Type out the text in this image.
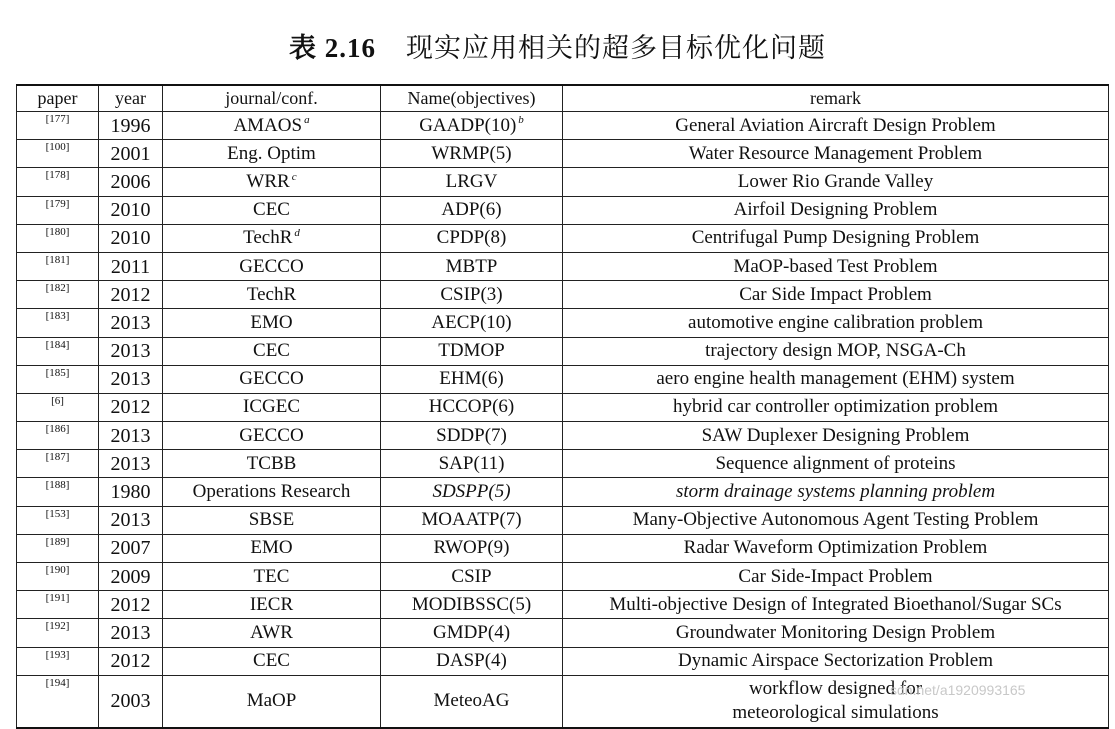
表 2.16 现实应用相关的超多目标优化问题
paper	year	journal/conf.	Name(objectives)	remark
[177]	1996	AMAOS $^a$	GAADP(10) $^b$	General Aviation Aircraft Design Problem
[100]	2001	Eng. Optim	WRMP(5)	Water Resource Management Problem
[178]	2006	WRR $^c$	LRGV	Lower Rio Grande Valley
[179]	2010	CEC	ADP(6)	Airfoil Designing Problem
[180]	2010	TechR $^d$	CPDP(8)	Centrifugal Pump Designing Problem
[181]	2011	GECCO	MBTP	MaOP-based Test Problem
[182]	2012	TechR	CSIP(3)	Car Side Impact Problem
[183]	2013	EMO	AECP(10)	automotive engine calibration problem
[184]	2013	CEC	TDMOP	trajectory design MOP, NSGA-Ch
[185]	2013	GECCO	EHM(6)	aero engine health management (EHM) system
[6]	2012	ICGEC	HCCOP(6)	hybrid car controller optimization problem
[186]	2013	GECCO	SDDP(7)	SAW Duplexer Designing Problem
[187]	2013	TCBB	SAP(11)	Sequence alignment of proteins
[188]	1980	Operations Research	SDSPP(5)	storm drainage systems planning problem
[153]	2013	SBSE	MOAATP(7)	Many-Objective Autonomous Agent Testing Problem
[189]	2007	EMO	RWOP(9)	Radar Waveform Optimization Problem
[190]	2009	TEC	CSIP	Car Side-Impact Problem
[191]	2012	IECR	MODIBSSC(5)	Multi-objective Design of Integrated Bioethanol/Sugar SCs
[192]	2013	AWR	GMDP(4)	Groundwater Monitoring Design Problem
[193]	2012	CEC	DASP(4)	Dynamic Airspace Sectorization Problem
[194]	2003	MaOP	MeteoAG	workflow designed for
meteorological simulations
sdn.net/a1920993165
